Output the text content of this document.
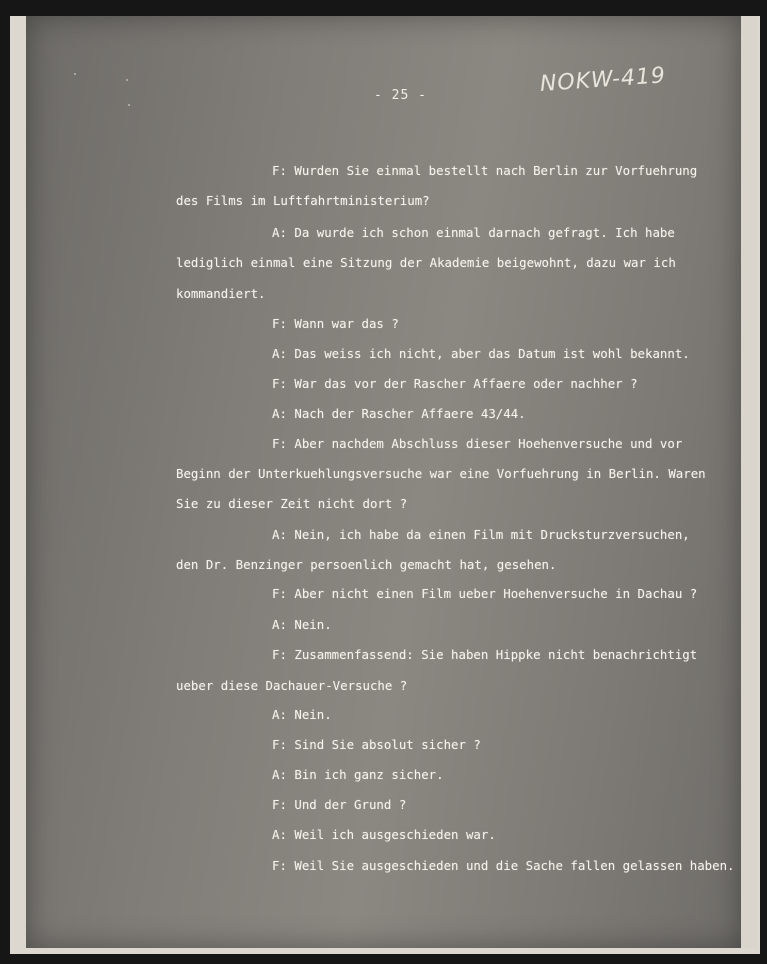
- 25 -	NOKW-419
F: Wurden Sie einmal bestellt nach Berlin zur Vorfuehrung
des Films im Luftfahrtministerium?
A: Da wurde ich schon einmal darnach gefragt. Ich habe
lediglich einmal eine Sitzung der Akademie beigewohnt, dazu war ich
kommandiert.
F: Wann war das ?
A: Das weiss ich nicht, aber das Datum ist wohl bekannt.
F: War das vor der Rascher Affaere oder nachher ?
A: Nach der Rascher Affaere 43/44.
F: Aber nachdem Abschluss dieser Hoehenversuche und vor
Beginn der Unterkuehlungsversuche war eine Vorfuehrung in Berlin. Waren
Sie zu dieser Zeit nicht dort ?
A: Nein, ich habe da einen Film mit Drucksturzversuchen,
den Dr. Benzinger persoenlich gemacht hat, gesehen.
F: Aber nicht einen Film ueber Hoehenversuche in Dachau ?
A: Nein.
F: Zusammenfassend: Sie haben Hippke nicht benachrichtigt
ueber diese Dachauer-Versuche ?
A: Nein.
F: Sind Sie absolut sicher ?
A: Bin ich ganz sicher.
F: Und der Grund ?
A: Weil ich ausgeschieden war.
F: Weil Sie ausgeschieden und die Sache fallen gelassen haben.
